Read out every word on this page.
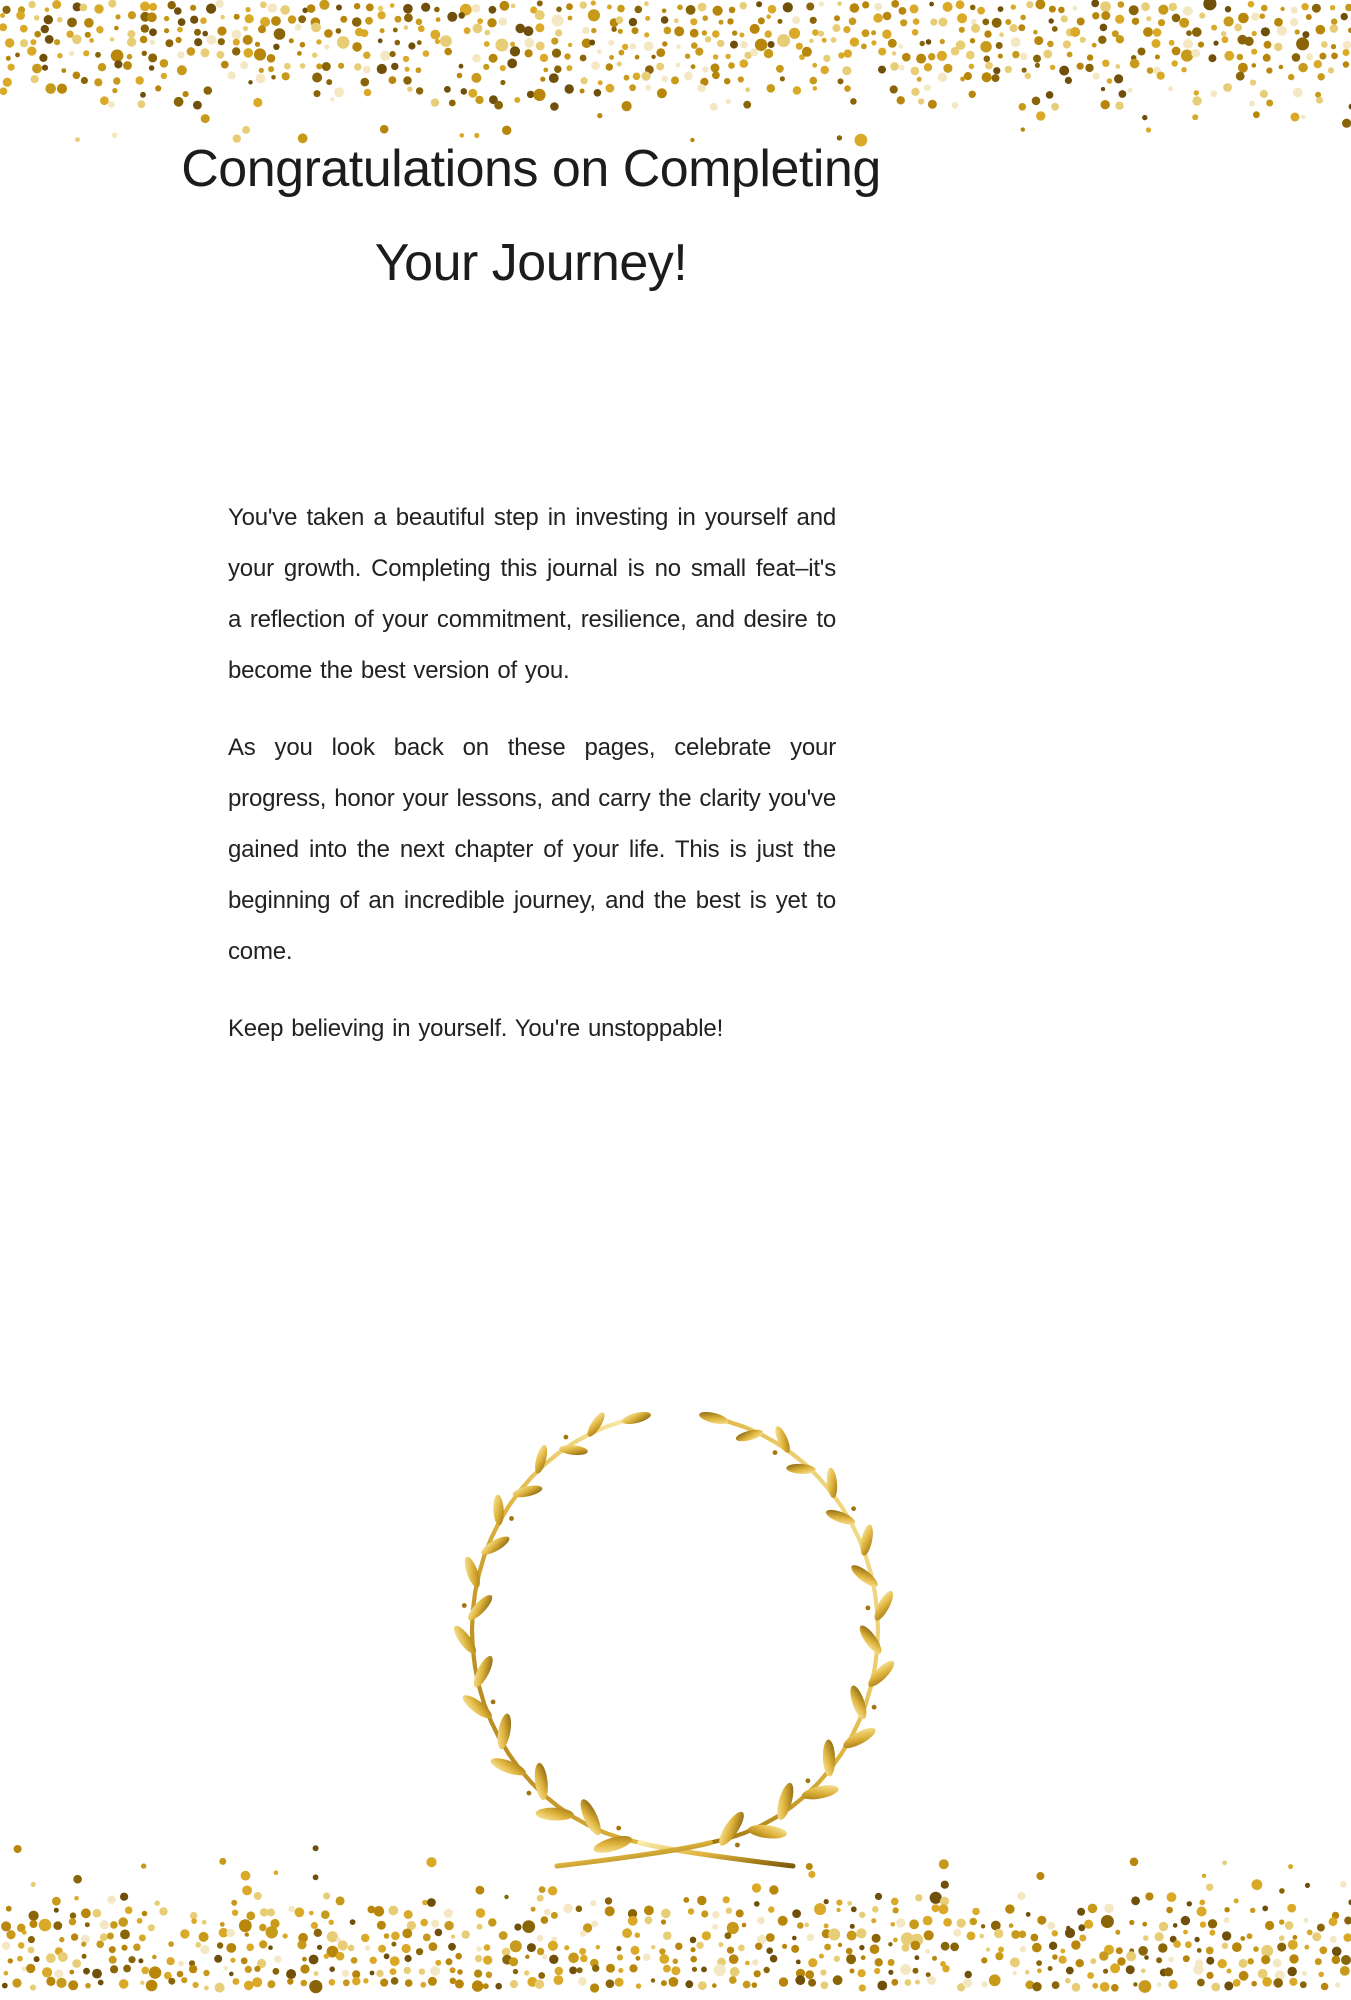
Congratulations on Completing
Your Journey!

You've taken a beautiful step in investing in yourself and your growth. Completing this journal is no small feat–it's a reflection of your commitment, resilience, and desire to become the best version of you.

As you look back on these pages, celebrate your progress, honor your lessons, and carry the clarity you've gained into the next chapter of your life. This is just the beginning of an incredible journey, and the best is yet to come.

Keep believing in yourself. You're unstoppable!
